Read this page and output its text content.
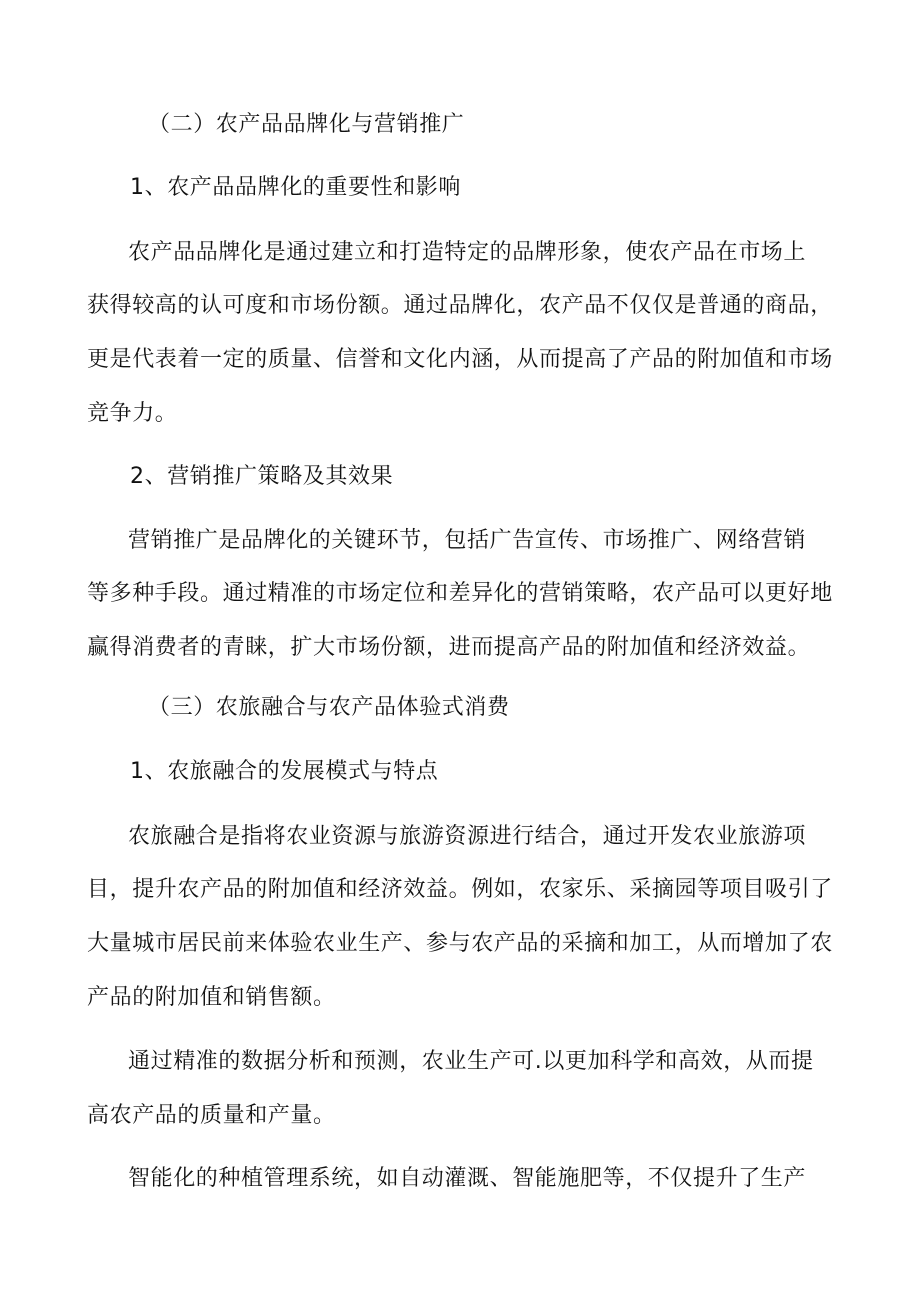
（二）农产品品牌化与营销推广
1、农产品品牌化的重要性和影响
农产品品牌化是通过建立和打造特定的品牌形象，使农产品在市场上
获得较高的认可度和市场份额。通过品牌化，农产品不仅仅是普通的商品，
更是代表着一定的质量、信誉和文化内涵，从而提高了产品的附加值和市场
竞争力。
2、营销推广策略及其效果
营销推广是品牌化的关键环节，包括广告宣传、市场推广、网络营销
等多种手段。通过精准的市场定位和差异化的营销策略，农产品可以更好地
赢得消费者的青睐，扩大市场份额，进而提高产品的附加值和经济效益。
（三）农旅融合与农产品体验式消费
1、农旅融合的发展模式与特点
农旅融合是指将农业资源与旅游资源进行结合，通过开发农业旅游项
目，提升农产品的附加值和经济效益。例如，农家乐、采摘园等项目吸引了
大量城市居民前来体验农业生产、参与农产品的采摘和加工，从而增加了农
产品的附加值和销售额。
通过精准的数据分析和预测，农业生产可.以更加科学和高效，从而提
高农产品的质量和产量。
智能化的种植管理系统，如自动灌溉、智能施肥等，不仅提升了生产
